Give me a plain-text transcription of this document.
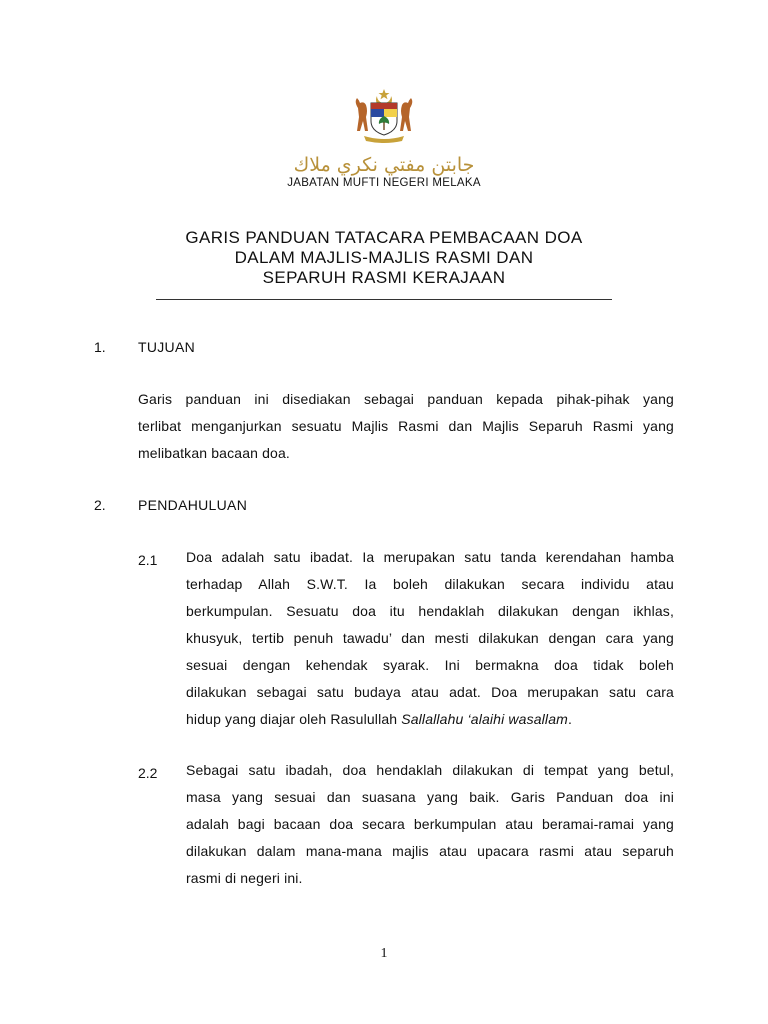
جابتن مفتي نكري ملاك
JABATAN MUFTI NEGERI MELAKA
GARIS PANDUAN TATACARA PEMBACAAN DOA
DALAM MAJLIS-MAJLIS RASMI DAN
SEPARUH RASMI KERAJAAN
1. TUJUAN
Garis panduan ini disediakan sebagai panduan kepada pihak-pihak yang
terlibat menganjurkan sesuatu Majlis Rasmi dan Majlis Separuh Rasmi yang
melibatkan bacaan doa.
2. PENDAHULUAN
2.1 Doa adalah satu ibadat. Ia merupakan satu tanda kerendahan hamba
terhadap Allah S.W.T. Ia boleh dilakukan secara individu atau
berkumpulan. Sesuatu doa itu hendaklah dilakukan dengan ikhlas,
khusyuk, tertib penuh tawadu’ dan mesti dilakukan dengan cara yang
sesuai dengan kehendak syarak. Ini bermakna doa tidak boleh
dilakukan sebagai satu budaya atau adat. Doa merupakan satu cara
hidup yang diajar oleh Rasulullah Sallallahu ‘alaihi wasallam.
2.2 Sebagai satu ibadah, doa hendaklah dilakukan di tempat yang betul,
masa yang sesuai dan suasana yang baik. Garis Panduan doa ini
adalah bagi bacaan doa secara berkumpulan atau beramai-ramai yang
dilakukan dalam mana-mana majlis atau upacara rasmi atau separuh
rasmi di negeri ini.
1
